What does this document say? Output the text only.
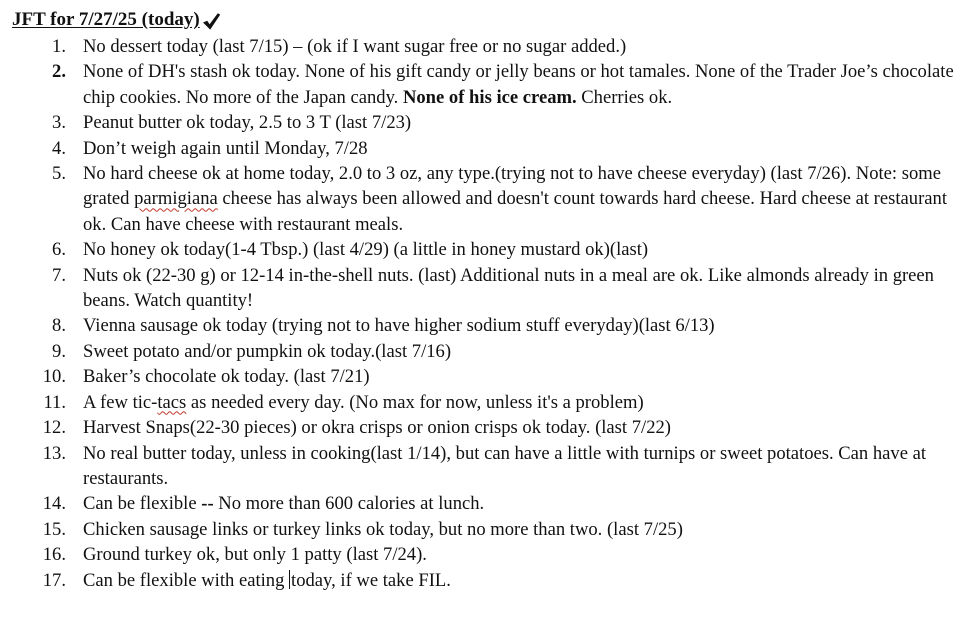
JFT for 7/27/25 (today)
1. No dessert today (last 7/15) – (ok if I want sugar free or no sugar added.)
2. None of DH's stash ok today. None of his gift candy or jelly beans or hot tamales. None of the Trader Joe’s chocolate chip cookies. No more of the Japan candy. None of his ice cream. Cherries ok.
3. Peanut butter ok today, 2.5 to 3 T (last 7/23)
4. Don’t weigh again until Monday, 7/28
5. No hard cheese ok at home today, 2.0 to 3 oz, any type.(trying not to have cheese everyday) (last 7/26). Note: some grated parmigiana cheese has always been allowed and doesn't count towards hard cheese. Hard cheese at restaurant ok. Can have cheese with restaurant meals.
6. No honey ok today(1-4 Tbsp.) (last 4/29) (a little in honey mustard ok)(last)
7. Nuts ok (22-30 g) or 12-14 in-the-shell nuts. (last) Additional nuts in a meal are ok. Like almonds already in green beans. Watch quantity!
8. Vienna sausage ok today (trying not to have higher sodium stuff everyday)(last 6/13)
9. Sweet potato and/or pumpkin ok today.(last 7/16)
10. Baker’s chocolate ok today. (last 7/21)
11. A few tic-tacs as needed every day. (No max for now, unless it's a problem)
12. Harvest Snaps(22-30 pieces) or okra crisps or onion crisps ok today. (last 7/22)
13. No real butter today, unless in cooking(last 1/14), but can have a little with turnips or sweet potatoes. Can have at restaurants.
14. Can be flexible -- No more than 600 calories at lunch.
15. Chicken sausage links or turkey links ok today, but no more than two. (last 7/25)
16. Ground turkey ok, but only 1 patty (last 7/24).
17. Can be flexible with eating today, if we take FIL.
